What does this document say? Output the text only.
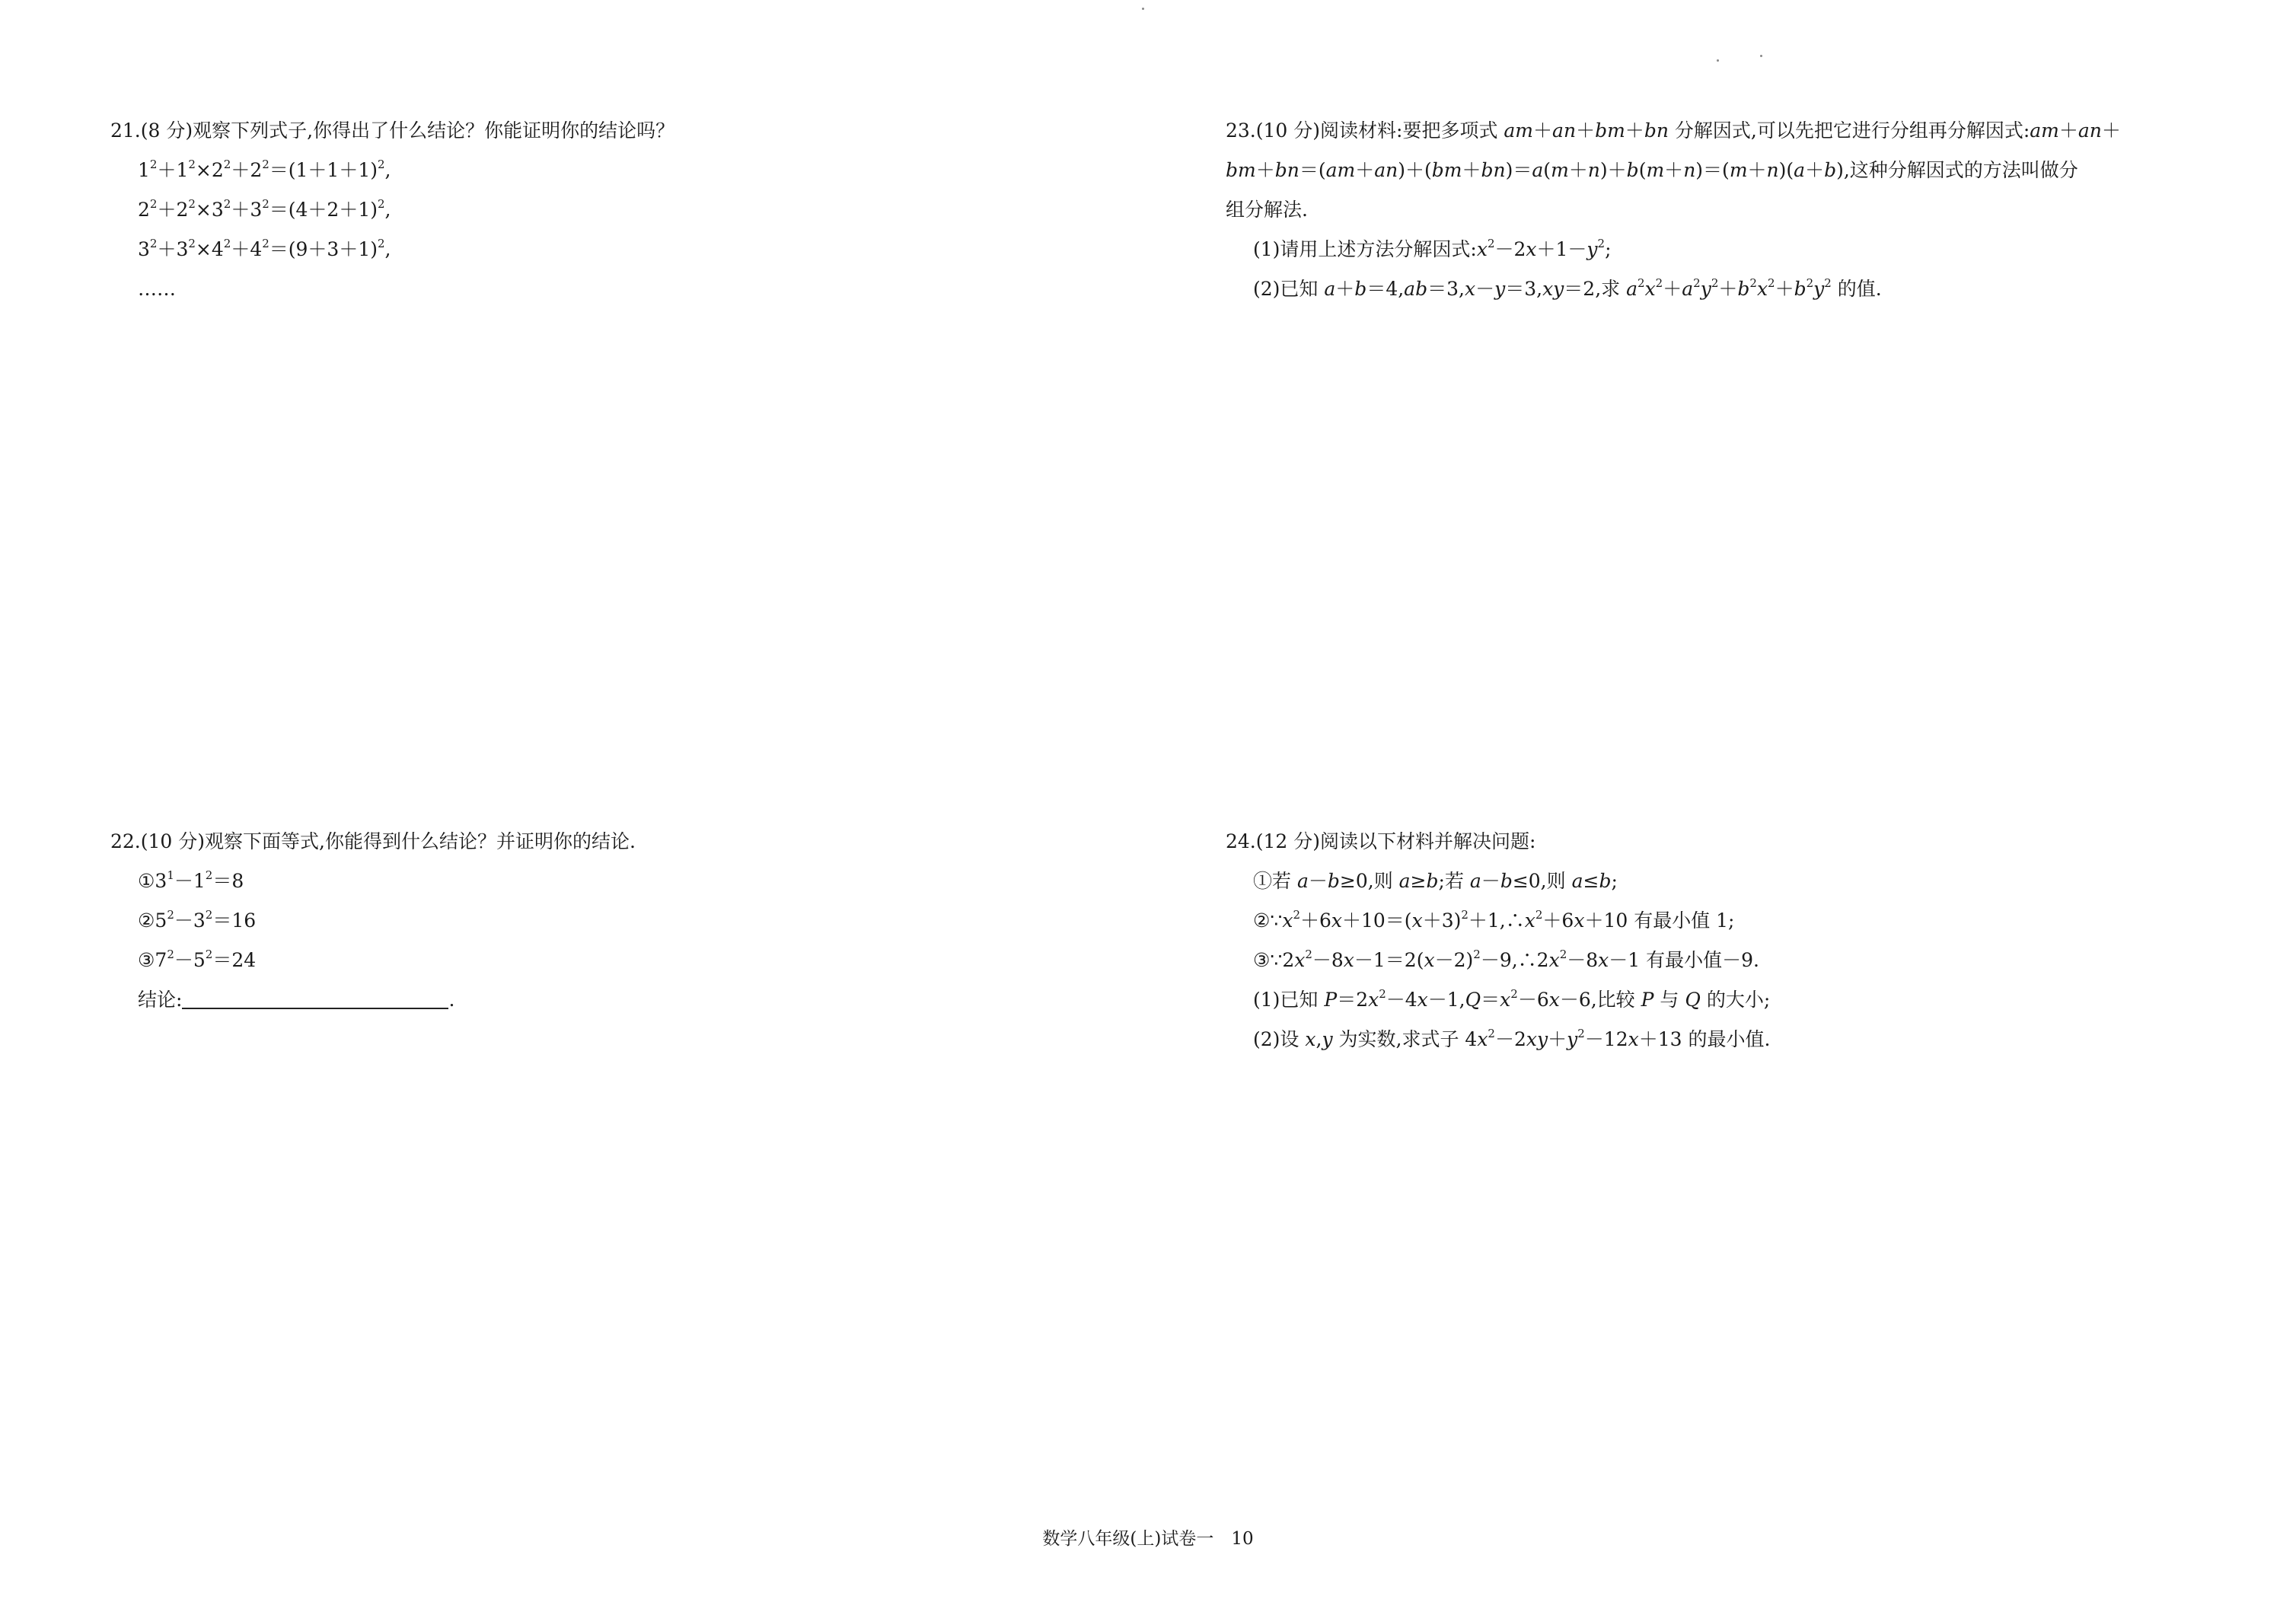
21.(8 分)观察下列式子,你得出了什么结论？你能证明你的结论吗？
$1^2+1^2\times 2^2+2^2=(1+1+1)^2$,
$2^2+2^2\times 3^2+3^2=(4+2+1)^2$,
$3^2+3^2\times 4^2+4^2=(9+3+1)^2$,
……
22.(10 分)观察下面等式,你能得到什么结论？并证明你的结论.
$①3^1-1^2=8$
$②5^2-3^2=16$
$③7^2-5^2=24$
结论:	.
23.(10 分)阅读材料:要把多项式 am＋an＋bm＋bn 分解因式,可以先把它进行分组再分解因式:am＋an＋
bm＋bn＝(am＋an)＋(bm＋bn)＝a(m＋n)＋b(m＋n)＝(m＋n)(a＋b),这种分解因式的方法叫做分
组分解法.
(1)请用上述方法分解因式$:x^2-2x+1-y^2$;
(2)已知 a＋b＝4,ab＝3,x－y＝3,xy＝2,求 $a^2x^2+a^2y^2+b^2x^2+b^2y^2$ 的值.
24.(12 分)阅读以下材料并解决问题:
①若 a－b≥0,则 a≥b;若 a－b≤0,则 a≤b;
$②\because x^2+6x+10=(x+3)^2+1,\therefore x^2+6x+10$ 有最小值 1;
$③\because 2x^2-8x-1=2(x-2)^2-9,\therefore 2x^2-8x-1$ 有最小值－9.
(1)已知 $P=2x^2-4x-1,Q=x^2-6x-6$,比较 P 与 Q 的大小;
(2)设 x,y 为实数,求式子 $4x^2-2xy+y^2-12x+13$ 的最小值.
数学八年级(上)试卷一　10
